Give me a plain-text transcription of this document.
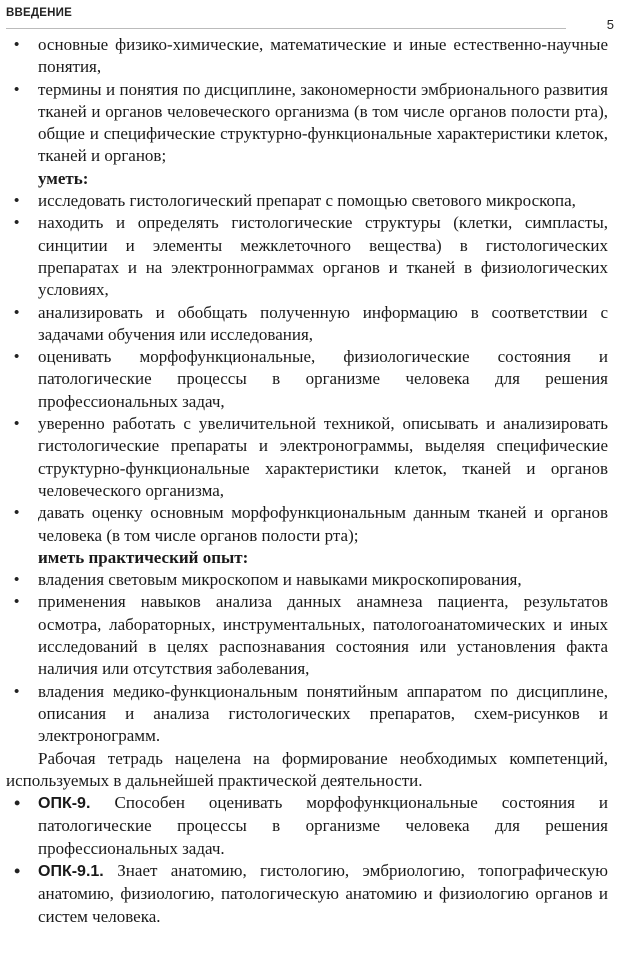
ВВЕДЕНИЕ
5
• основные физико-химические, математические и иные естественно-научные понятия,
• термины и понятия по дисциплине, закономерности эмбрионального развития тканей и органов человеческого организма (в том числе органов полости рта), общие и специфические структурно-функциональные характеристики клеток, тканей и органов;
уметь:
• исследовать гистологический препарат с помощью светового микроскопа,
• находить и определять гистологические структуры (клетки, симпласты, синцитии и элементы межклеточного вещества) в гистологических препаратах и на электроннограммах органов и тканей в физиологических условиях,
• анализировать и обобщать полученную информацию в соответствии с задачами обучения или исследования,
• оценивать морфофункциональные, физиологические состояния и патологические процессы в организме человека для решения профессиональных задач,
• уверенно работать с увеличительной техникой, описывать и анализировать гистологические препараты и электронограммы, выделяя специфические структурно-функциональные характеристики клеток, тканей и органов человеческого организма,
• давать оценку основным морфофункциональным данным тканей и органов человека (в том числе органов полости рта);
иметь практический опыт:
• владения световым микроскопом и навыками микроскопирования,
• применения навыков анализа данных анамнеза пациента, результатов осмотра, лабораторных, инструментальных, патологоанатомических и иных исследований в целях распознавания состояния или установления факта наличия или отсутствия заболевания,
• владения медико-функциональным понятийным аппаратом по дисциплине, описания и анализа гистологических препаратов, схем-рисунков и электронограмм.

Рабочая тетрадь нацелена на формирование необходимых компетенций, используемых в дальнейшей практической деятельности.

• ОПК-9. Способен оценивать морфофункциональные состояния и патологические процессы в организме человека для решения профессиональных задач.
• ОПК-9.1. Знает анатомию, гистологию, эмбриологию, топографическую анатомию, физиологию, патологическую анатомию и физиологию органов и систем человека.
